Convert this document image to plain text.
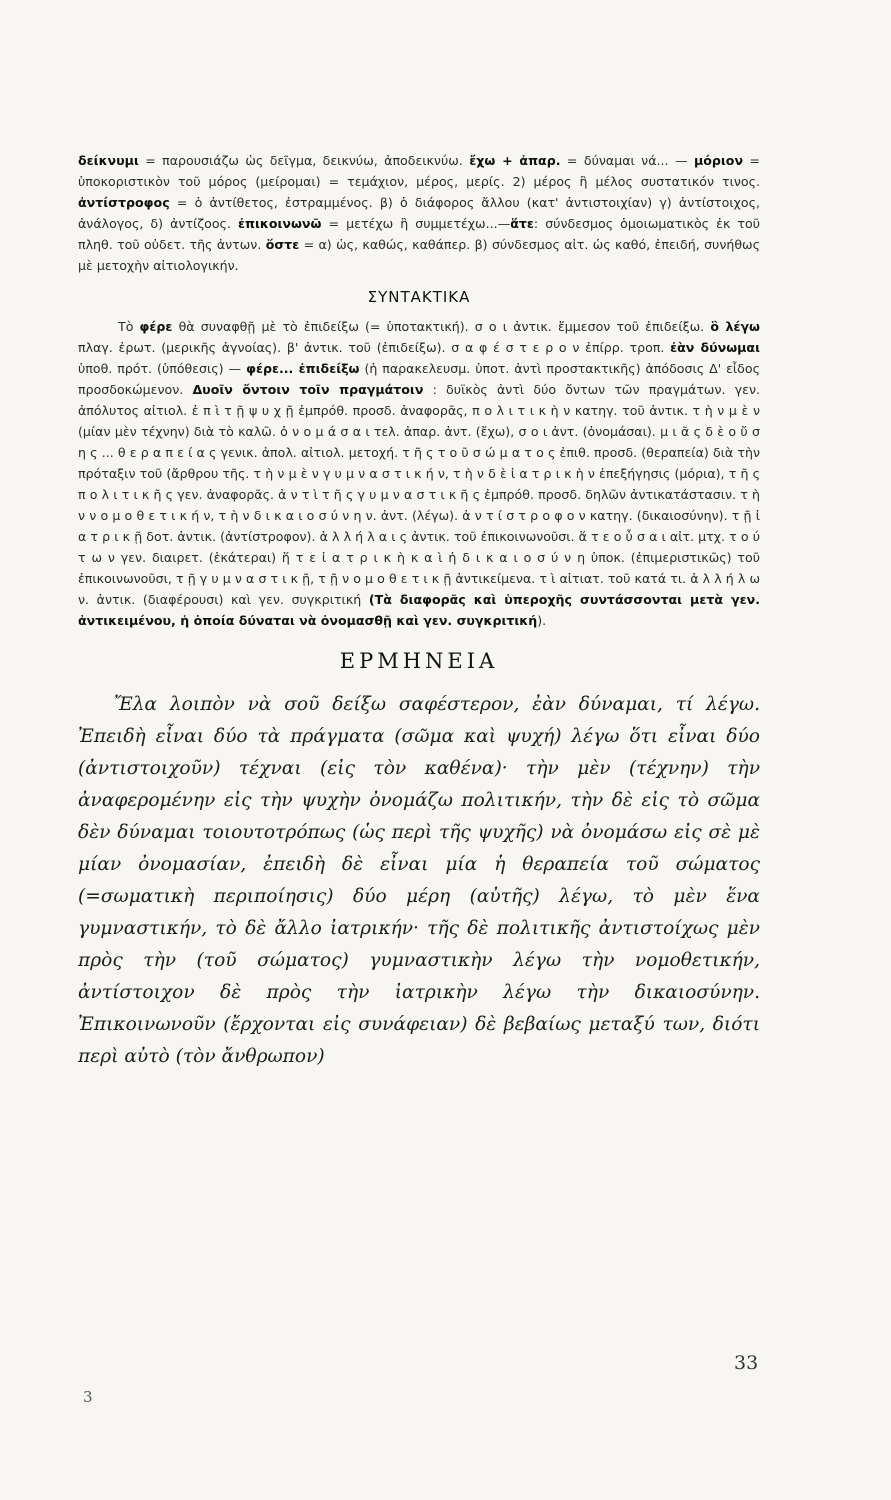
δείκνυμι = παρουσιάζω ὡς δεῖγμα, δεικνύω, ἀποδεικνύω. ἔχω + ἀπαρ. = δύναμαι νά... — μόριον = ὑποκοριστικὸν τοῦ μόρος (μείρομαι) = τεμάχιον, μέρος, μερίς. 2) μέρος ἢ μέλος συστατικόν τινος. ἀντίστροφος = ὁ ἀντίθετος, ἐστραμμένος. β) ὁ διάφορος ἄλλου (κατ' ἀντιστοιχίαν) γ) ἀντίστοιχος, ἀνάλογος, δ) ἀντίζοος. ἐπικοινωνῶ = μετέχω ἢ συμμετέχω...—ἅτε: σύνδεσμος ὁμοιωματικὸς ἐκ τοῦ πληθ. τοῦ οὐδετ. τῆς ἀντων. ὅστε = α) ὡς, καθώς, καθάπερ. β) σύνδεσμος αἰτ. ὡς καθό, ἐπειδή, συνήθως μὲ μετοχὴν αἰτιολογικήν.

ΣΥΝΤΑΚΤΙΚΑ

Τὸ φέρε θὰ συναφθῇ μὲ τὸ ἐπιδείξω (= ὑποτακτική). σ ο ι ἀντικ. ἔμμεσον τοῦ ἐπιδείξω. ὃ λέγω πλαγ. ἐρωτ. (μερικῆς ἀγνοίας). β' ἀντικ. τοῦ (ἐπιδείξω). σ α φ έ σ τ ε ρ ο ν ἐπίρρ. τροπ. ἐὰν δύνωμαι ὑποθ. πρότ. (ὑπόθεσις) — φέρε... ἐπιδείξω (ἡ παρακελευσμ. ὑποτ. ἀντὶ προστακτικῆς) ἀπόδοσις Δ' εἶδος προσδοκώμενον. Δυοῖν ὄντοιν τοῖν πραγμάτοιν : δυϊκὸς ἀντὶ δύο ὄντων τῶν πραγμάτων. γεν. ἀπόλυτος αἰτιολ. ἐ π ὶ τ ῇ ψ υ χ ῇ ἐμπρόθ. προσδ. ἀναφορᾶς, π ο λ ι τ ι κ ὴ ν κατηγ. τοῦ ἀντικ. τ ὴ ν μ ὲ ν (μίαν μὲν τέχνην) διὰ τὸ καλῶ. ὀ ν ο μ ά σ α ι τελ. ἀπαρ. ἀντ. (ἔχω), σ ο ι ἀντ. (ὀνομάσαι). μ ι ᾶ ς δ ὲ ο ὔ σ η ς ... θ ε ρ α π ε ί α ς γενικ. ἀπολ. αἰτιολ. μετοχή. τ ῆ ς τ ο ῦ σ ώ μ α τ ο ς ἐπιθ. προσδ. (θεραπεία) διὰ τὴν πρόταξιν τοῦ (ἄρθρου τῆς. τ ὴ ν μ ὲ ν γ υ μ ν α σ τ ι κ ή ν, τ ὴ ν δ ὲ ἰ α τ ρ ι κ ὴ ν ἐπεξήγησις (μόρια), τ ῆ ς π ο λ ι τ ι κ ῆ ς γεν. ἀναφορᾶς. ἀ ν τ ὶ τ ῆ ς γ υ μ ν α σ τ ι κ ῆ ς ἐμπρόθ. προσδ. δηλῶν ἀντικατάστασιν. τ ὴ ν ν ο μ ο θ ε τ ι κ ή ν, τ ὴ ν δ ι κ α ι ο σ ύ ν η ν. ἀντ. (λέγω). ἀ ν τ ί σ τ ρ ο φ ο ν κατηγ. (δικαιοσύνην). τ ῇ ἰ α τ ρ ι κ ῇ δοτ. ἀντικ. (ἀντίστροφον). ἀ λ λ ή λ α ι ς ἀντικ. τοῦ ἐπικοινωνοῦσι. ἅ τ ε ο ὖ σ α ι αἰτ. μτχ. τ ο ύ τ ω ν γεν. διαιρετ. (ἑκάτεραι) ἥ τ ε ἰ α τ ρ ι κ ὴ κ α ὶ ἡ δ ι κ α ι ο σ ύ ν η ὑποκ. (ἐπιμεριστικῶς) τοῦ ἐπικοινωνοῦσι, τ ῇ γ υ μ ν α σ τ ι κ ῇ, τ ῇ ν ο μ ο θ ε τ ι κ ῇ ἀντικείμενα. τ ὶ αἰτιατ. τοῦ κατά τι. ἀ λ λ ή λ ω ν. ἀντικ. (διαφέρουσι) καὶ γεν. συγκριτική (Τὰ διαφορᾶς καὶ ὑπεροχῆς συντάσσονται μετὰ γεν. ἀντικειμένου, ἡ ὁποία δύναται νὰ ὀνομασθῇ καὶ γεν. συγκριτική).

ΕΡΜΗΝΕΙΑ

Ἔλα λοιπὸν νὰ σοῦ δείξω σαφέστερον, ἐὰν δύναμαι, τί λέγω. Ἐπειδὴ εἶναι δύο τὰ πράγματα (σῶμα καὶ ψυχή) λέγω ὅτι εἶναι δύο (ἀντιστοιχοῦν) τέχναι (εἰς τὸν καθένα)· τὴν μὲν (τέχνην) τὴν ἀναφερομένην εἰς τὴν ψυχὴν ὀνομάζω πολιτικήν, τὴν δὲ εἰς τὸ σῶμα δὲν δύναμαι τοιουτοτρόπως (ὡς περὶ τῆς ψυχῆς) νὰ ὀνομάσω εἰς σὲ μὲ μίαν ὀνομασίαν, ἐπειδὴ δὲ εἶναι μία ἡ θεραπεία τοῦ σώματος (=σωματικὴ περιποίησις) δύο μέρη (αὐτῆς) λέγω, τὸ μὲν ἕνα γυμναστικήν, τὸ δὲ ἄλλο ἰατρικήν· τῆς δὲ πολιτικῆς ἀντιστοίχως μὲν πρὸς τὴν (τοῦ σώματος) γυμναστικὴν λέγω τὴν νομοθετικήν, ἀντίστοιχον δὲ πρὸς τὴν ἰατρικὴν λέγω τὴν δικαιοσύνην. Ἐπικοινωνοῦν (ἔρχονται εἰς συνάφειαν) δὲ βεβαίως μεταξύ των, διότι περὶ αὐτὸ (τὸν ἄνθρωπον)

33
3
